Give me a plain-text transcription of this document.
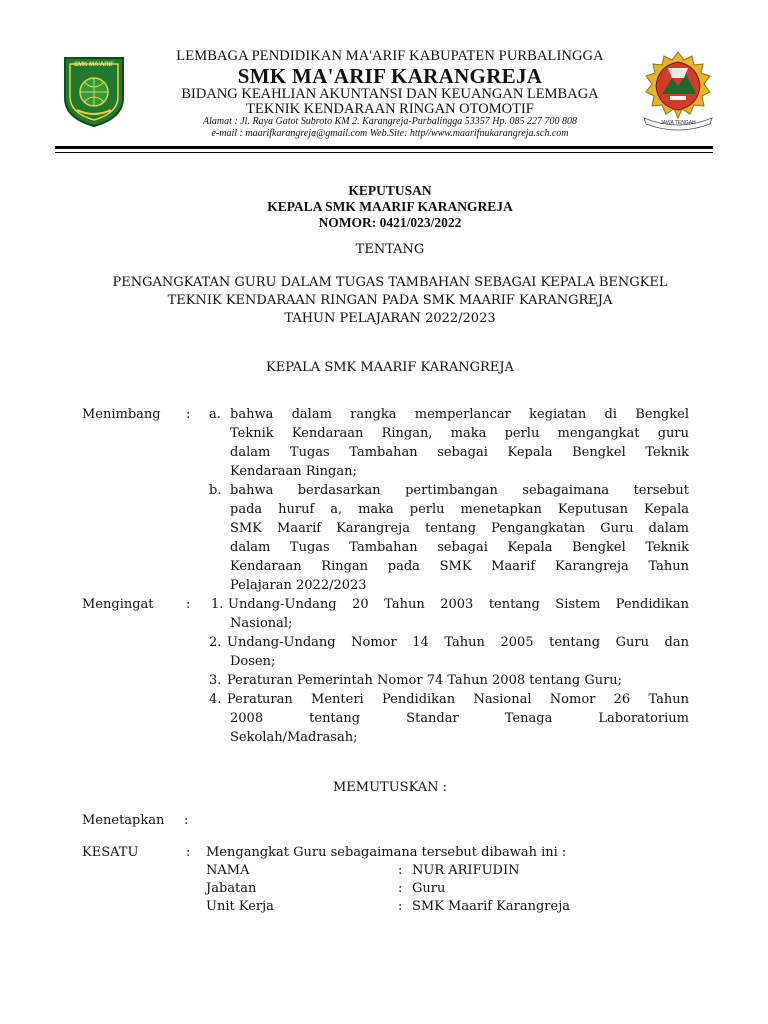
SMK MA'ARIF
JAWA TENGAH
LEMBAGA PENDIDIKAN MA'ARIF KABUPATEN PURBALINGGA
SMK MA'ARIF KARANGREJA
BIDANG KEAHLIAN AKUNTANSI DAN KEUANGAN LEMBAGA
TEKNIK KENDARAAN RINGAN OTOMOTIF
Alamat : Jl. Raya Gatot Subroto KM 2. Karangreja-Purbalingga 53357 Hp. 085 227 700 808
e-mail : maarifkarangreja@gmail.com Web.Site: http//www.maarifnukarangreja.sch.com
KEPUTUSAN
KEPALA SMK MAARIF KARANGREJA
NOMOR: 0421/023/2022
TENTANG
PENGANGKATAN GURU DALAM TUGAS TAMBAHAN SEBAGAI KEPALA BENGKEL
TEKNIK KENDARAAN RINGAN PADA SMK MAARIF KARANGREJA
TAHUN PELAJARAN 2022/2023
KEPALA SMK MAARIF KARANGREJA
Menimbang : a. bahwa dalam rangka memperlancar kegiatan di Bengkel
Teknik Kendaraan Ringan, maka perlu mengangkat guru
dalam Tugas Tambahan sebagai Kepala Bengkel Teknik
Kendaraan Ringan;
b. bahwa berdasarkan pertimbangan sebagaimana tersebut
pada huruf a, maka perlu menetapkan Keputusan Kepala
SMK Maarif Karangreja tentang Pengangkatan Guru dalam
dalam Tugas Tambahan sebagai Kepala Bengkel Teknik
Kendaraan Ringan pada SMK Maarif Karangreja Tahun
Pelajaran 2022/2023
Mengingat : 1. Undang-Undang 20 Tahun 2003 tentang Sistem Pendidikan
Nasional;
2. Undang-Undang Nomor 14 Tahun 2005 tentang Guru dan
Dosen;
3. Peraturan Pemerintah Nomor 74 Tahun 2008 tentang Guru;
4. Peraturan Menteri Pendidikan Nasional Nomor 26 Tahun
2008 tentang Standar Tenaga Laboratorium
Sekolah/Madrasah;
MEMUTUSKAN :
Menetapkan :
KESATU	: Mengangkat Guru sebagaimana tersebut dibawah ini :
NAMA	: NUR ARIFUDIN
Jabatan	: Guru
Unit Kerja	: SMK Maarif Karangreja
